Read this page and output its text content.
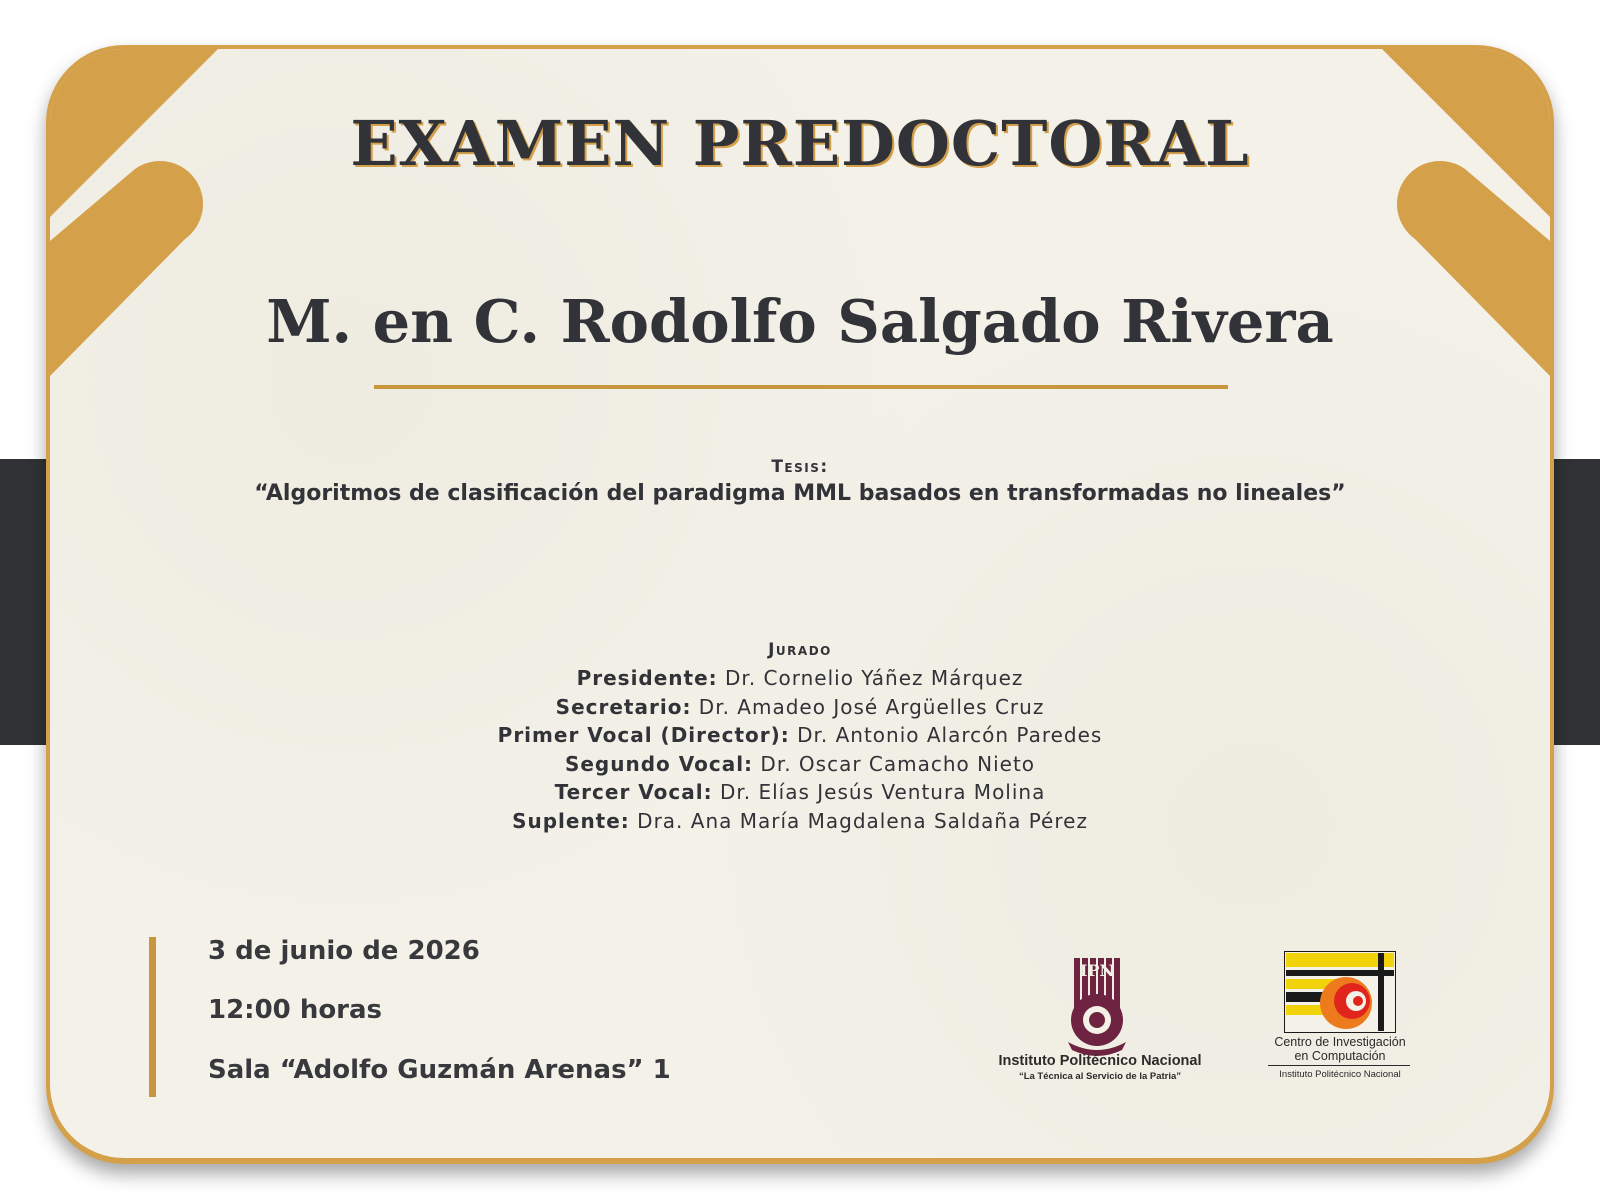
EXAMEN PREDOCTORAL
M. en C. Rodolfo Salgado Rivera
Tesis:
“Algoritmos de clasificación del paradigma MML basados en transformadas no lineales”
Jurado
Presidente: Dr. Cornelio Yáñez Márquez
Secretario: Dr. Amadeo José Argüelles Cruz
Primer Vocal (Director): Dr. Antonio Alarcón Paredes
Segundo Vocal: Dr. Oscar Camacho Nieto
Tercer Vocal: Dr. Elías Jesús Ventura Molina
Suplente: Dra. Ana María Magdalena Saldaña Pérez
3 de junio de 2026
12:00 horas
Sala “Adolfo Guzmán Arenas” 1
IPN
Instituto Politécnico Nacional
“La Técnica al Servicio de la Patria”
Centro de Investigación
en Computación
Instituto Politécnico Nacional
